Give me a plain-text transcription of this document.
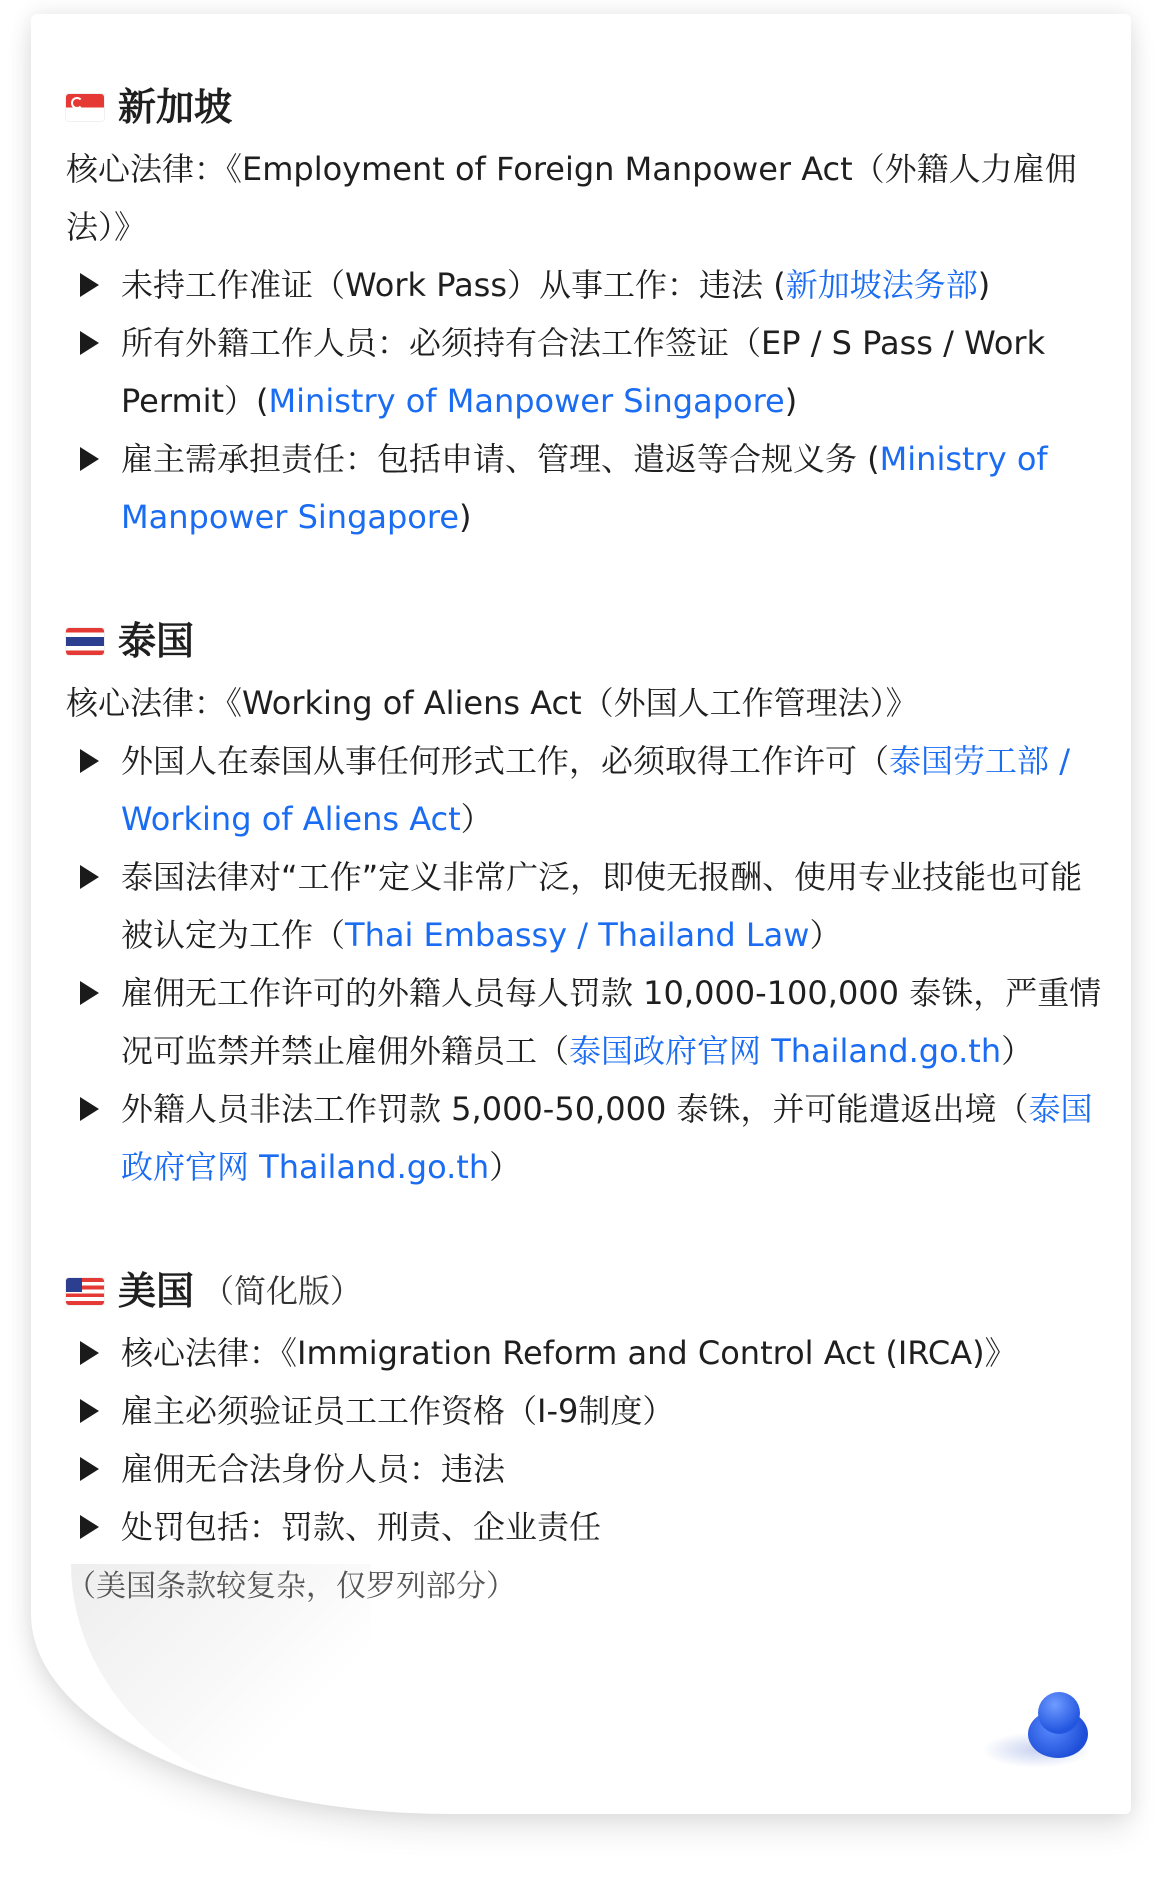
新加坡
核心法律：《Employment of Foreign Manpower Act（外籍人力雇佣法）》
未持工作准证（Work Pass）从事工作：违法 (新加坡法务部)
所有外籍工作人员：必须持有合法工作签证（EP / S Pass / Work Permit）(Ministry of Manpower Singapore)
雇主需承担责任：包括申请、管理、遣返等合规义务 (Ministry of Manpower Singapore)
泰国
核心法律：《Working of Aliens Act（外国人工作管理法）》
外国人在泰国从事任何形式工作，必须取得工作许可（泰国劳工部 / Working of Aliens Act）
泰国法律对“工作”定义非常广泛，即使无报酬、使用专业技能也可能被认定为工作（Thai Embassy / Thailand Law）
雇佣无工作许可的外籍人员每人罚款 10,000-100,000 泰铢，严重情况可监禁并禁止雇佣外籍员工（泰国政府官网 Thailand.go.th）
外籍人员非法工作罚款 5,000-50,000 泰铢，并可能遣返出境（泰国政府官网 Thailand.go.th）
美国 （简化版）
核心法律：《Immigration Reform and Control Act (IRCA)》
雇主必须验证员工工作资格（I-9制度）
雇佣无合法身份人员：违法
处罚包括：罚款、刑责、企业责任
（美国条款较复杂，仅罗列部分）
